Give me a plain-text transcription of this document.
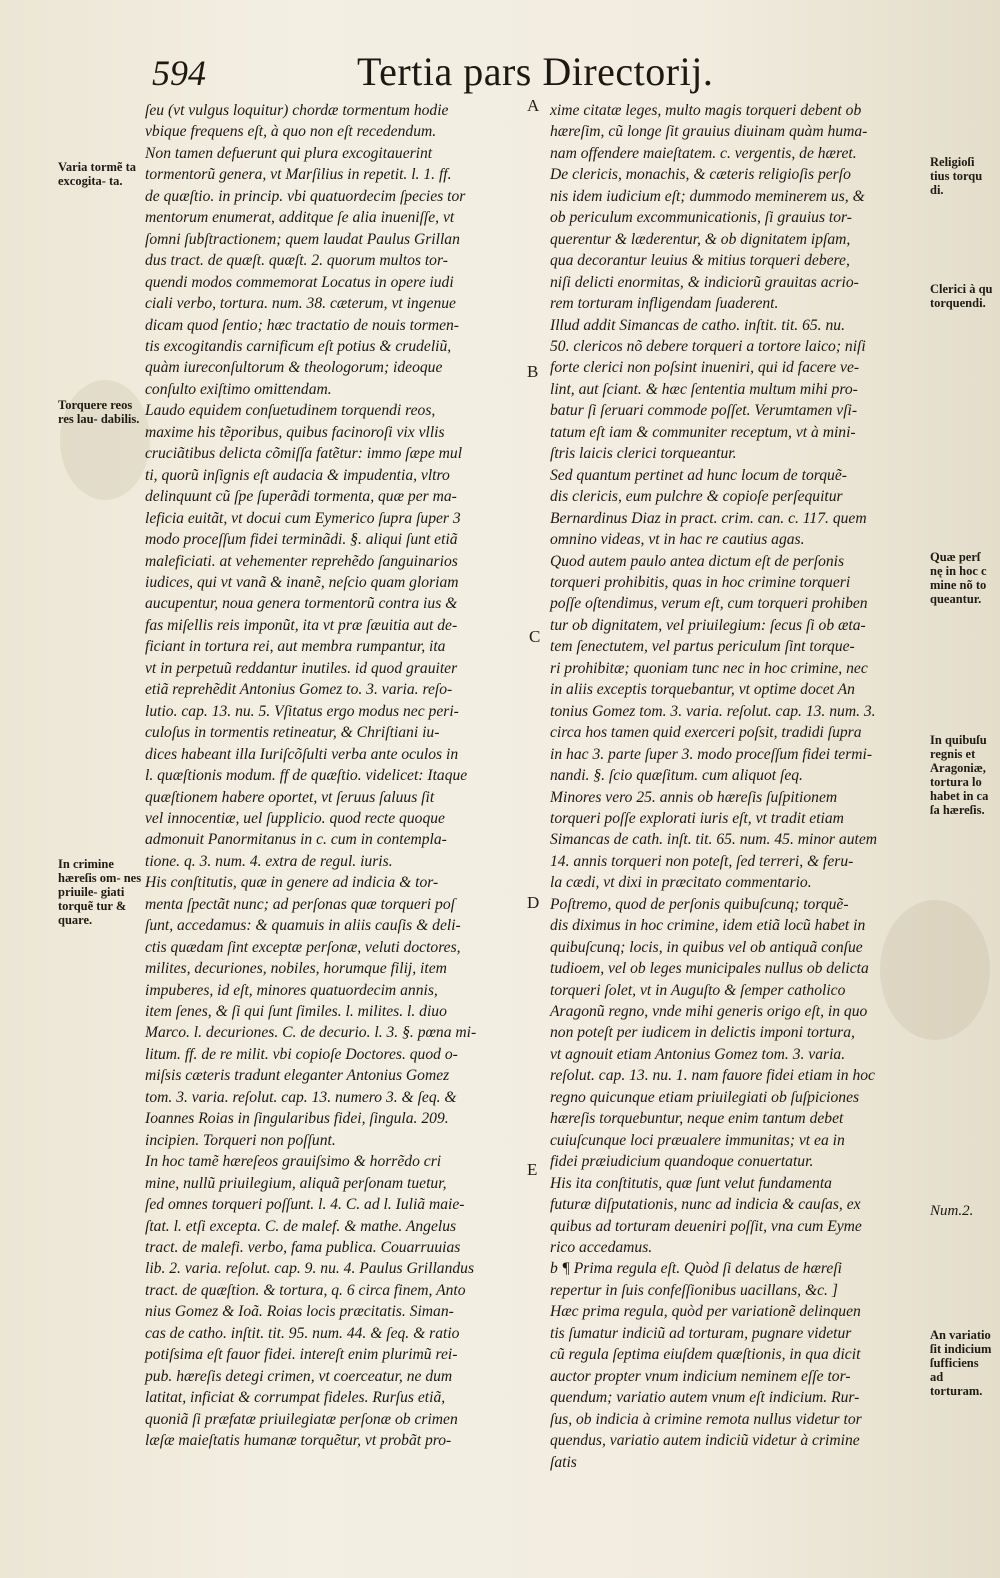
594	Tertia pars Directorij.

ſeu (vt vulgus loquitur) chordæ tormentum hodie

vbique frequens eſt, à quo non eſt recedendum.

Non tamen defuerunt qui plura excogitauerint

tormentorũ genera, vt Marſilius in repetit. l. 1. ff.

de quæſtio. in princip. vbi quatuordecim ſpecies tor

mentorum enumerat, additque ſe alia inueniſſe, vt

ſomni ſubſtractionem; quem laudat Paulus Grillan

dus tract. de quæſt. quæſt. 2. quorum multos tor-

quendi modos commemorat Locatus in opere iudi

ciali verbo, tortura. num. 38. cæterum, vt ingenue

dicam quod ſentio; hæc tractatio de nouis tormen-

tis excogitandis carnificum eſt potius & crudeliũ,

quàm iureconſultorum & theologorum; ideoque

conſulto exiſtimo omittendam.

Laudo equidem conſuetudinem torquendi reos,

maxime his tẽporibus, quibus facinoroſi vix vllis

cruciãtibus delicta cõmiſſa fatẽtur: immo ſæpe mul

ti, quorũ inſignis eſt audacia & impudentia, vltro

delinquunt cũ ſpe ſuperãdi tormenta, quæ per ma-

leficia euitãt, vt docui cum Eymerico ſupra ſuper 3

modo proceſſum fidei terminãdi. §. aliqui ſunt etiã

maleficiati. at vehementer reprehẽdo ſanguinarios

iudices, qui vt vanã & inanẽ, neſcio quam gloriam

aucupentur, noua genera tormentorũ contra ius &

fas miſellis reis imponũt, ita vt præ ſæuitia aut de-

ficiant in tortura rei, aut membra rumpantur, ita

vt in perpetuũ reddantur inutiles. id quod grauiter

etiã reprehẽdit Antonius Gomez to. 3. varia. reſo-

lutio. cap. 13. nu. 5. Vſitatus ergo modus nec peri-

culoſus in tormentis retineatur, & Chriſtiani iu-

dices habeant illa Iuriſcõſulti verba ante oculos in

l. quæſtionis modum. ff de quæſtio. videlicet: Itaque

quæſtionem habere oportet, vt ſeruus ſaluus ſit

vel innocentiæ, uel ſupplicio. quod recte quoque

admonuit Panormitanus in c. cum in contempla-

tione. q. 3. num. 4. extra de regul. iuris.

His conſtitutis, quæ in genere ad indicia & tor-

menta ſpectãt nunc; ad perſonas quæ torqueri poſ

ſunt, accedamus: & quamuis in aliis cauſis & deli-

ctis quædam ſint exceptæ perſonæ, veluti doctores,

milites, decuriones, nobiles, horumque filij, item

impuberes, id eſt, minores quatuordecim annis,

item ſenes, & ſi qui ſunt ſimiles. l. milites. l. diuo

Marco. l. decuriones. C. de decurio. l. 3. §. pœna mi-

litum. ff. de re milit. vbi copioſe Doctores. quod o-

miſsis cæteris tradunt eleganter Antonius Gomez

tom. 3. varia. reſolut. cap. 13. numero 3. & ſeq. &

Ioannes Roias in ſingularibus fidei, ſingula. 209.

incipien. Torqueri non poſſunt.

In hoc tamẽ hæreſeos grauiſsimo & horrẽdo cri

mine, nullũ priuilegium, aliquã perſonam tuetur,

ſed omnes torqueri poſſunt. l. 4. C. ad l. Iuliã maie-

ſtat. l. etſi excepta. C. de malef. & mathe. Angelus

tract. de malefi. verbo, fama publica. Couarruuias

lib. 2. varia. reſolut. cap. 9. nu. 4. Paulus Grillandus

tract. de quæſtion. & tortura, q. 6 circa finem, Anto

nius Gomez & Ioã. Roias locis præcitatis. Siman-

cas de catho. inſtit. tit. 95. num. 44. & ſeq. & ratio

potiſsima eſt fauor fidei. intereſt enim plurimũ rei-

pub. hæreſis detegi crimen, vt coerceatur, ne dum

latitat, inficiat & corrumpat fideles. Rurſus etiã,

quoniã ſi præfatæ priuilegiatæ perſonæ ob crimen

læſæ maieſtatis humanæ torquẽtur, vt probãt pro-

xime citatæ leges, multo magis torqueri debent ob

hæreſim, cũ longe ſit grauius diuinam quàm huma-

nam offendere maieſtatem. c. vergentis, de hæret.

De clericis, monachis, & cæteris religioſis perſo

nis idem iudicium eſt; dummodo meminerem us, &

ob periculum excommunicationis, ſi grauius tor-

querentur & læderentur, & ob dignitatem ipſam,

qua decorantur leuius & mitius torqueri debere,

niſi delicti enormitas, & indiciorũ grauitas acrio-

rem torturam infligendam ſuaderent.

Illud addit Simancas de catho. inſtit. tit. 65. nu.

50. clericos nõ debere torqueri a tortore laico; niſi

forte clerici non poſsint inueniri, qui id facere ve-

lint, aut ſciant. & hæc ſententia multum mihi pro-

batur ſi ſeruari commode poſſet. Verumtamen vſi-

tatum eſt iam & communiter receptum, vt à mini-

ſtris laicis clerici torqueantur.

Sed quantum pertinet ad hunc locum de torquẽ-

dis clericis, eum pulchre & copioſe perſequitur

Bernardinus Diaz in pract. crim. can. c. 117. quem

omnino videas, vt in hac re cautius agas.

Quod autem paulo antea dictum eſt de perſonis

torqueri prohibitis, quas in hoc crimine torqueri

poſſe oſtendimus, verum eſt, cum torqueri prohiben

tur ob dignitatem, vel priuilegium: ſecus ſi ob æta-

tem ſenectutem, vel partus periculum ſint torque-

ri prohibitæ; quoniam tunc nec in hoc crimine, nec

in aliis exceptis torquebantur, vt optime docet An

tonius Gomez tom. 3. varia. reſolut. cap. 13. num. 3.

circa hos tamen quid exerceri poſsit, tradidi ſupra

in hac 3. parte ſuper 3. modo proceſſum fidei termi-

nandi. §. ſcio quæſitum. cum aliquot ſeq.

Minores vero 25. annis ob hæreſis ſuſpitionem

torqueri poſſe explorati iuris eſt, vt tradit etiam

Simancas de cath. inſt. tit. 65. num. 45. minor autem

14. annis torqueri non poteſt, ſed terreri, & feru-

la cædi, vt dixi in præcitato commentario.

Poſtremo, quod de perſonis quibuſcunq; torquẽ-

dis diximus in hoc crimine, idem etiã locũ habet in

quibuſcunq; locis, in quibus vel ob antiquã conſue

tudioem, vel ob leges municipales nullus ob delicta

torqueri ſolet, vt in Auguſto & ſemper catholico

Aragonũ regno, vnde mihi generis origo eſt, in quo

non poteſt per iudicem in delictis imponi tortura,

vt agnouit etiam Antonius Gomez tom. 3. varia.

reſolut. cap. 13. nu. 1. nam fauore fidei etiam in hoc

regno quicunque etiam priuilegiati ob ſuſpiciones

hæreſis torquebuntur, neque enim tantum debet

cuiuſcunque loci præualere immunitas; vt ea in

fidei præiudicium quandoque conuertatur.

His ita conſtitutis, quæ ſunt velut fundamenta

futuræ diſputationis, nunc ad indicia & cauſas, ex

quibus ad torturam deueniri poſſit, vna cum Eyme

rico accedamus.

b ¶ Prima regula eſt. Quòd ſi delatus de hæreſi

repertur in ſuis confeſſionibus uacillans, &c. ]

Hæc prima regula, quòd per variationẽ delinquen

tis ſumatur indiciũ ad torturam, pugnare videtur

cũ regula ſeptima eiuſdem quæſtionis, in qua dicit

auctor propter vnum indicium neminem eſſe tor-

quendum; variatio autem vnum eſt indicium. Rur-

ſus, ob indicia à crimine remota nullus videtur tor

quendus, variatio autem indiciũ videtur à crimine

ſatis

Varia tormẽ ta excogita- ta.
Torquere reos res lau- dabilis.
In crimine hæreſis om- nes priuile- giati torquẽ tur & quare.
Religioſi tius torqu di.
Clerici à qu torquendi.
Quæ perſ nę in hoc c mine nõ to queantur.
In quibuſu regnis et Aragoniæ, tortura lo habet in ca ſa hæreſis.
An variatio ſit indicium ſufficiens ad torturam.
A
B
C
D
E
Num.2.
